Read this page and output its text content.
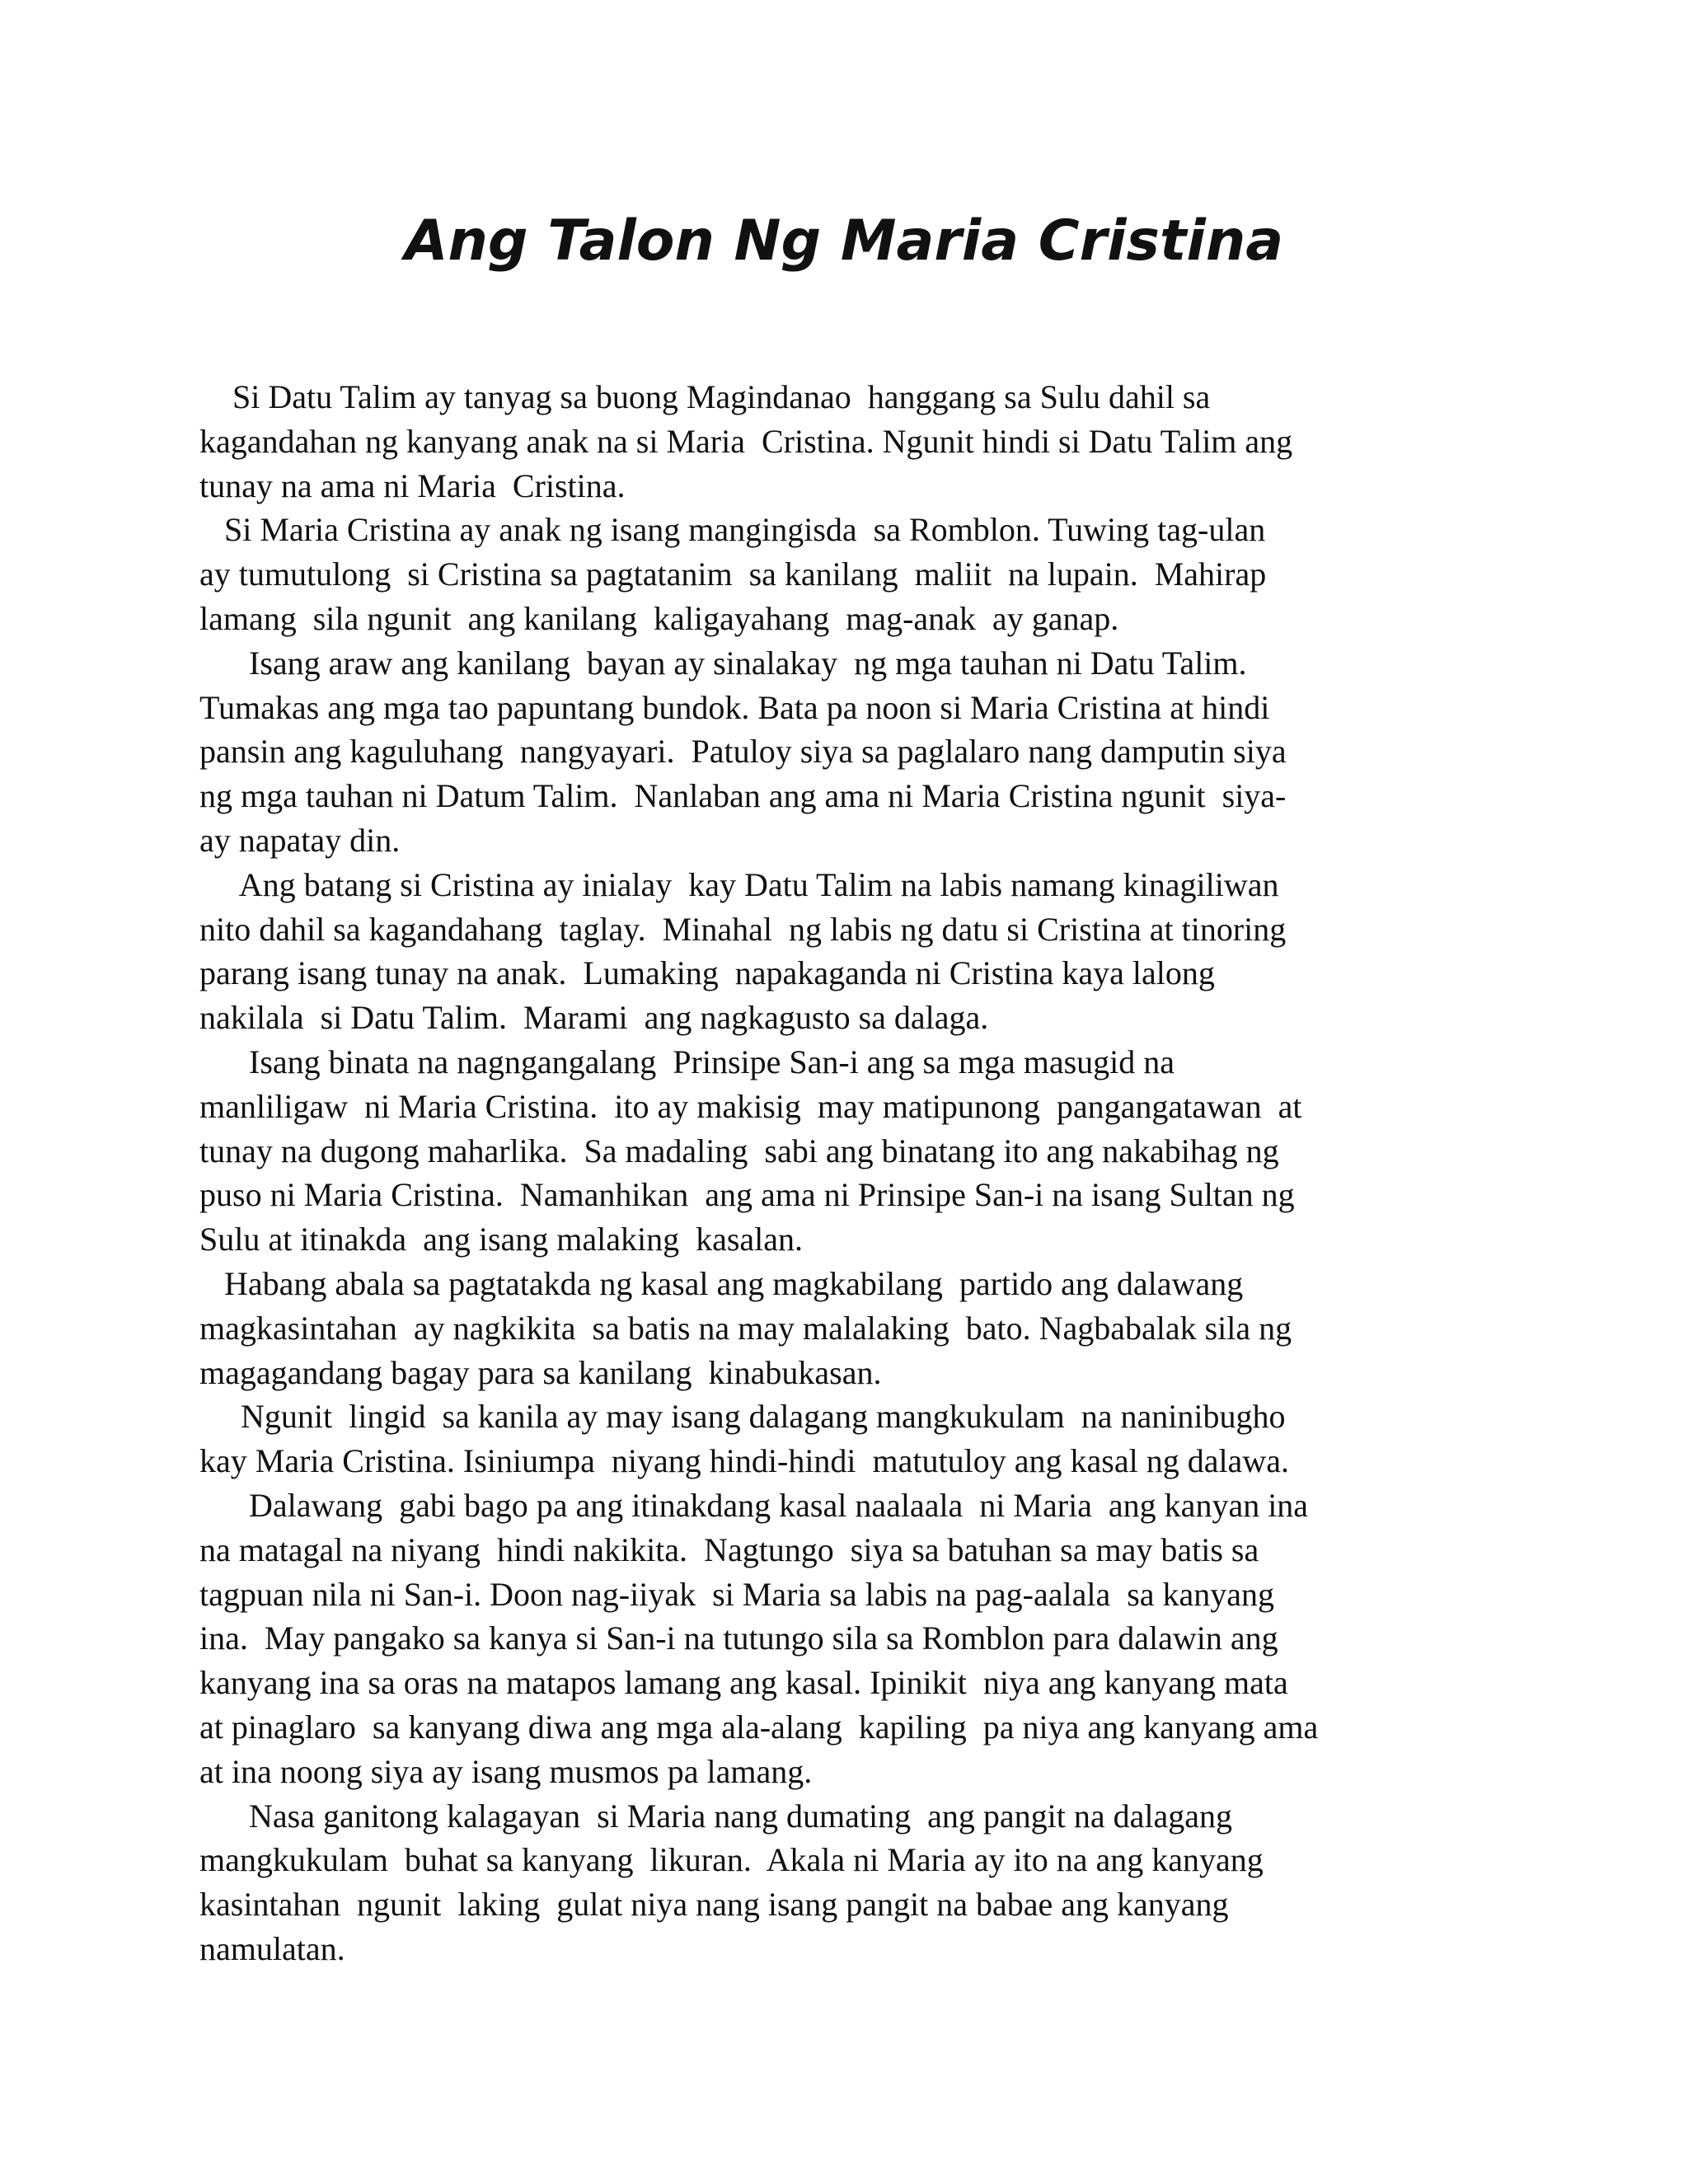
Ang Talon Ng Maria Cristina

Si Datu Talim ay tanyag sa buong Magindanao  hanggang sa Sulu dahil sa

kagandahan ng kanyang anak na si Maria  Cristina. Ngunit hindi si Datu Talim ang

tunay na ama ni Maria  Cristina.

Si Maria Cristina ay anak ng isang mangingisda  sa Romblon. Tuwing tag-ulan

ay tumutulong  si Cristina sa pagtatanim  sa kanilang  maliit  na lupain.  Mahirap

lamang  sila ngunit  ang kanilang  kaligayahang  mag-anak  ay ganap.

Isang araw ang kanilang  bayan ay sinalakay  ng mga tauhan ni Datu Talim.

Tumakas ang mga tao papuntang bundok. Bata pa noon si Maria Cristina at hindi

pansin ang kaguluhang  nangyayari.  Patuloy siya sa paglalaro nang damputin siya

ng mga tauhan ni Datum Talim.  Nanlaban ang ama ni Maria Cristina ngunit  siya-

ay napatay din.

Ang batang si Cristina ay inialay  kay Datu Talim na labis namang kinagiliwan

nito dahil sa kagandahang  taglay.  Minahal  ng labis ng datu si Cristina at tinoring

parang isang tunay na anak.  Lumaking  napakaganda ni Cristina kaya lalong

nakilala  si Datu Talim.  Marami  ang nagkagusto sa dalaga.

Isang binata na nagngangalang  Prinsipe San-i ang sa mga masugid na

manliligaw  ni Maria Cristina.  ito ay makisig  may matipunong  pangangatawan  at

tunay na dugong maharlika.  Sa madaling  sabi ang binatang ito ang nakabihag ng

puso ni Maria Cristina.  Namanhikan  ang ama ni Prinsipe San-i na isang Sultan ng

Sulu at itinakda  ang isang malaking  kasalan.

Habang abala sa pagtatakda ng kasal ang magkabilang  partido ang dalawang

magkasintahan  ay nagkikita  sa batis na may malalaking  bato. Nagbabalak sila ng

magagandang bagay para sa kanilang  kinabukasan.

Ngunit  lingid  sa kanila ay may isang dalagang mangkukulam  na naninibugho

kay Maria Cristina. Isiniumpa  niyang hindi-hindi  matutuloy ang kasal ng dalawa.

Dalawang  gabi bago pa ang itinakdang kasal naalaala  ni Maria  ang kanyan ina

na matagal na niyang  hindi nakikita.  Nagtungo  siya sa batuhan sa may batis sa

tagpuan nila ni San-i. Doon nag-iiyak  si Maria sa labis na pag-aalala  sa kanyang

ina.  May pangako sa kanya si San-i na tutungo sila sa Romblon para dalawin ang

kanyang ina sa oras na matapos lamang ang kasal. Ipinikit  niya ang kanyang mata

at pinaglaro  sa kanyang diwa ang mga ala-alang  kapiling  pa niya ang kanyang ama

at ina noong siya ay isang musmos pa lamang.

Nasa ganitong kalagayan  si Maria nang dumating  ang pangit na dalagang

mangkukulam  buhat sa kanyang  likuran.  Akala ni Maria ay ito na ang kanyang

kasintahan  ngunit  laking  gulat niya nang isang pangit na babae ang kanyang

namulatan.
